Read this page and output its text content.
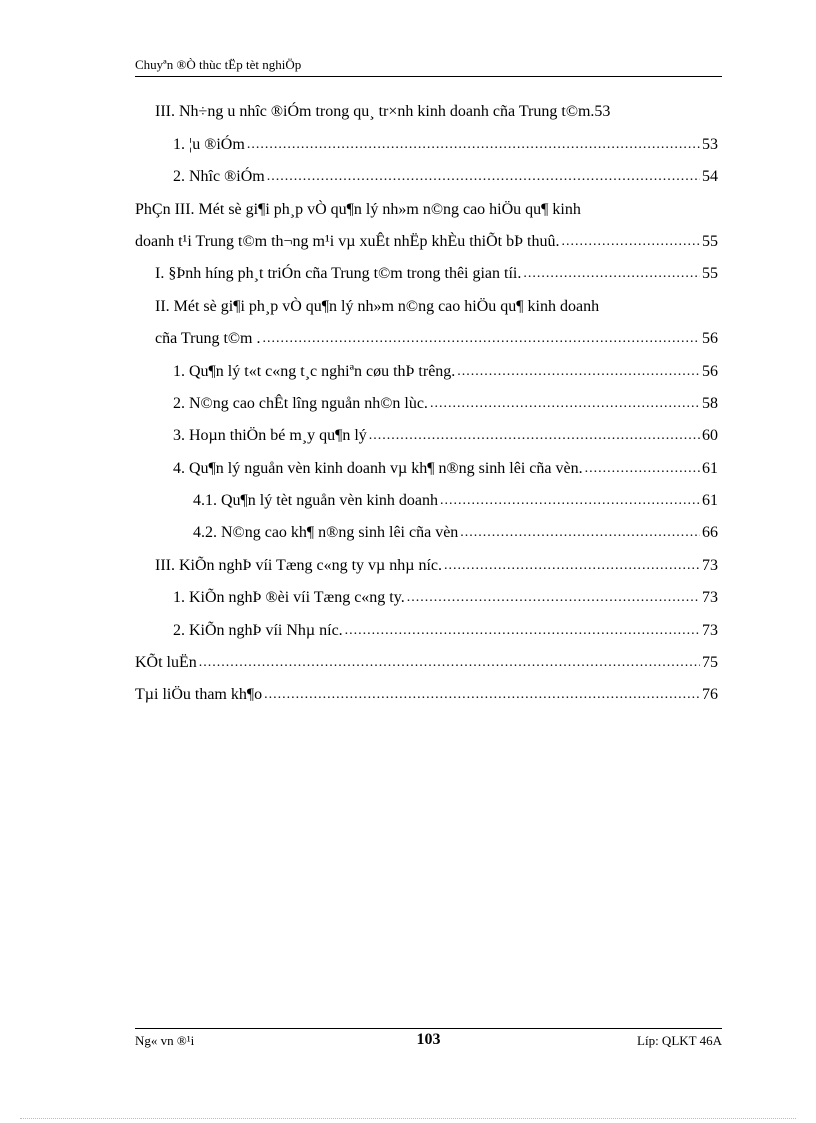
Chuyªn ®Ò thùc tËp tèt nghiÖp
III. Nh÷ng u nhîc ®iÓm trong qu¸ tr×nh kinh doanh cña Trung t©m . 53
1. ¦u ®iÓm .....	53
2. Nhîc ®iÓm .....	54
PhÇn III. Mét sè gi¶i ph¸p vÒ qu¶n lý nh»m n©ng cao hiÖu qu¶ kinh
doanh t¹i Trung t©m th¬ng m¹i vµ xuÊt nhËp khÈu thiÕt bÞ thuû. .....	55
I. §Þnh híng ph¸t triÓn cña Trung t©m trong thêi gian tíi. .....	55
II. Mét sè gi¶i ph¸p vÒ qu¶n lý nh»m n©ng cao hiÖu qu¶ kinh doanh
cña Trung t©m . .....	56
1. Qu¶n lý t«t c«ng t¸c nghiªn cøu thÞ trêng. .....	56
2. N©ng cao chÊt lîng nguån nh©n lùc. .....	58
3. Hoµn thiÖn bé m¸y qu¶n lý .....	60
4. Qu¶n lý nguån vèn kinh doanh vµ kh¶ n®ng sinh lêi cña vèn. .....	61
4.1. Qu¶n lý tèt nguån vèn kinh doanh .....	61
4.2. N©ng cao kh¶ n®ng sinh lêi cña vèn .....	66
III. KiÕn nghÞ víi Tæng c«ng ty vµ nhµ níc. .....	73
1. KiÕn nghÞ ®èi víi Tæng c«ng ty. .....	73
2. KiÕn nghÞ víi Nhµ níc. .....	73
KÕt luËn .....	75
Tµi liÖu tham kh¶o .....	76
Ng« vn ®¹i	103	Líp: QLKT 46A
